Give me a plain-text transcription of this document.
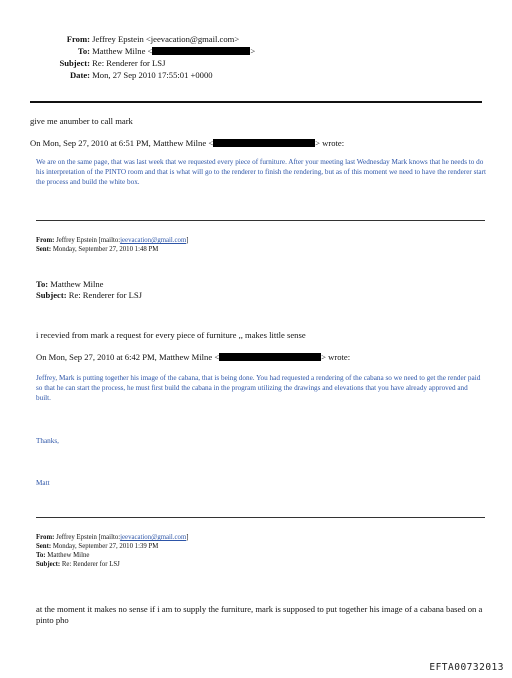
From: Jeffrey Epstein <jeevacation@gmail.com>
To: Matthew Milne <	>
Subject: Re: Renderer for LSJ
Date: Mon, 27 Sep 2010 17:55:01 +0000
give me anumber to call mark
On Mon, Sep 27, 2010 at 6:51 PM, Matthew Milne <	> wrote:
We are on the same page, that was last week that we requested every piece of furniture. After your meeting last Wednesday Mark knows that he needs to do his interpretation of the PINTO room and that is what will go to the renderer to finish the rendering, but as of this moment we need to have the renderer start the process and build the white box.
From: Jeffrey Epstein [mailto:jeevacation@gmail.com]
Sent: Monday, September 27, 2010 1:48 PM
To: Matthew Milne
Subject: Re: Renderer for LSJ
i recevied from mark a request for every piece of furniture ,, makes little sense
On Mon, Sep 27, 2010 at 6:42 PM, Matthew Milne <	> wrote:
Jeffrey, Mark is putting together his image of the cabana, that is being done. You had requested a rendering of the cabana so we need to get the render paid so that he can start the process, he must first build the cabana in the program utilizing the drawings and elevations that you have already approved and built.
Thanks,
Matt
From: Jeffrey Epstein [mailto:jeevacation@gmail.com]
Sent: Monday, September 27, 2010 1:39 PM
To: Matthew Milne
Subject: Re: Renderer for LSJ
at the moment it makes no sense if i am to supply the furniture, mark is supposed to put together his image of a cabana based on a pinto pho
EFTA00732013
